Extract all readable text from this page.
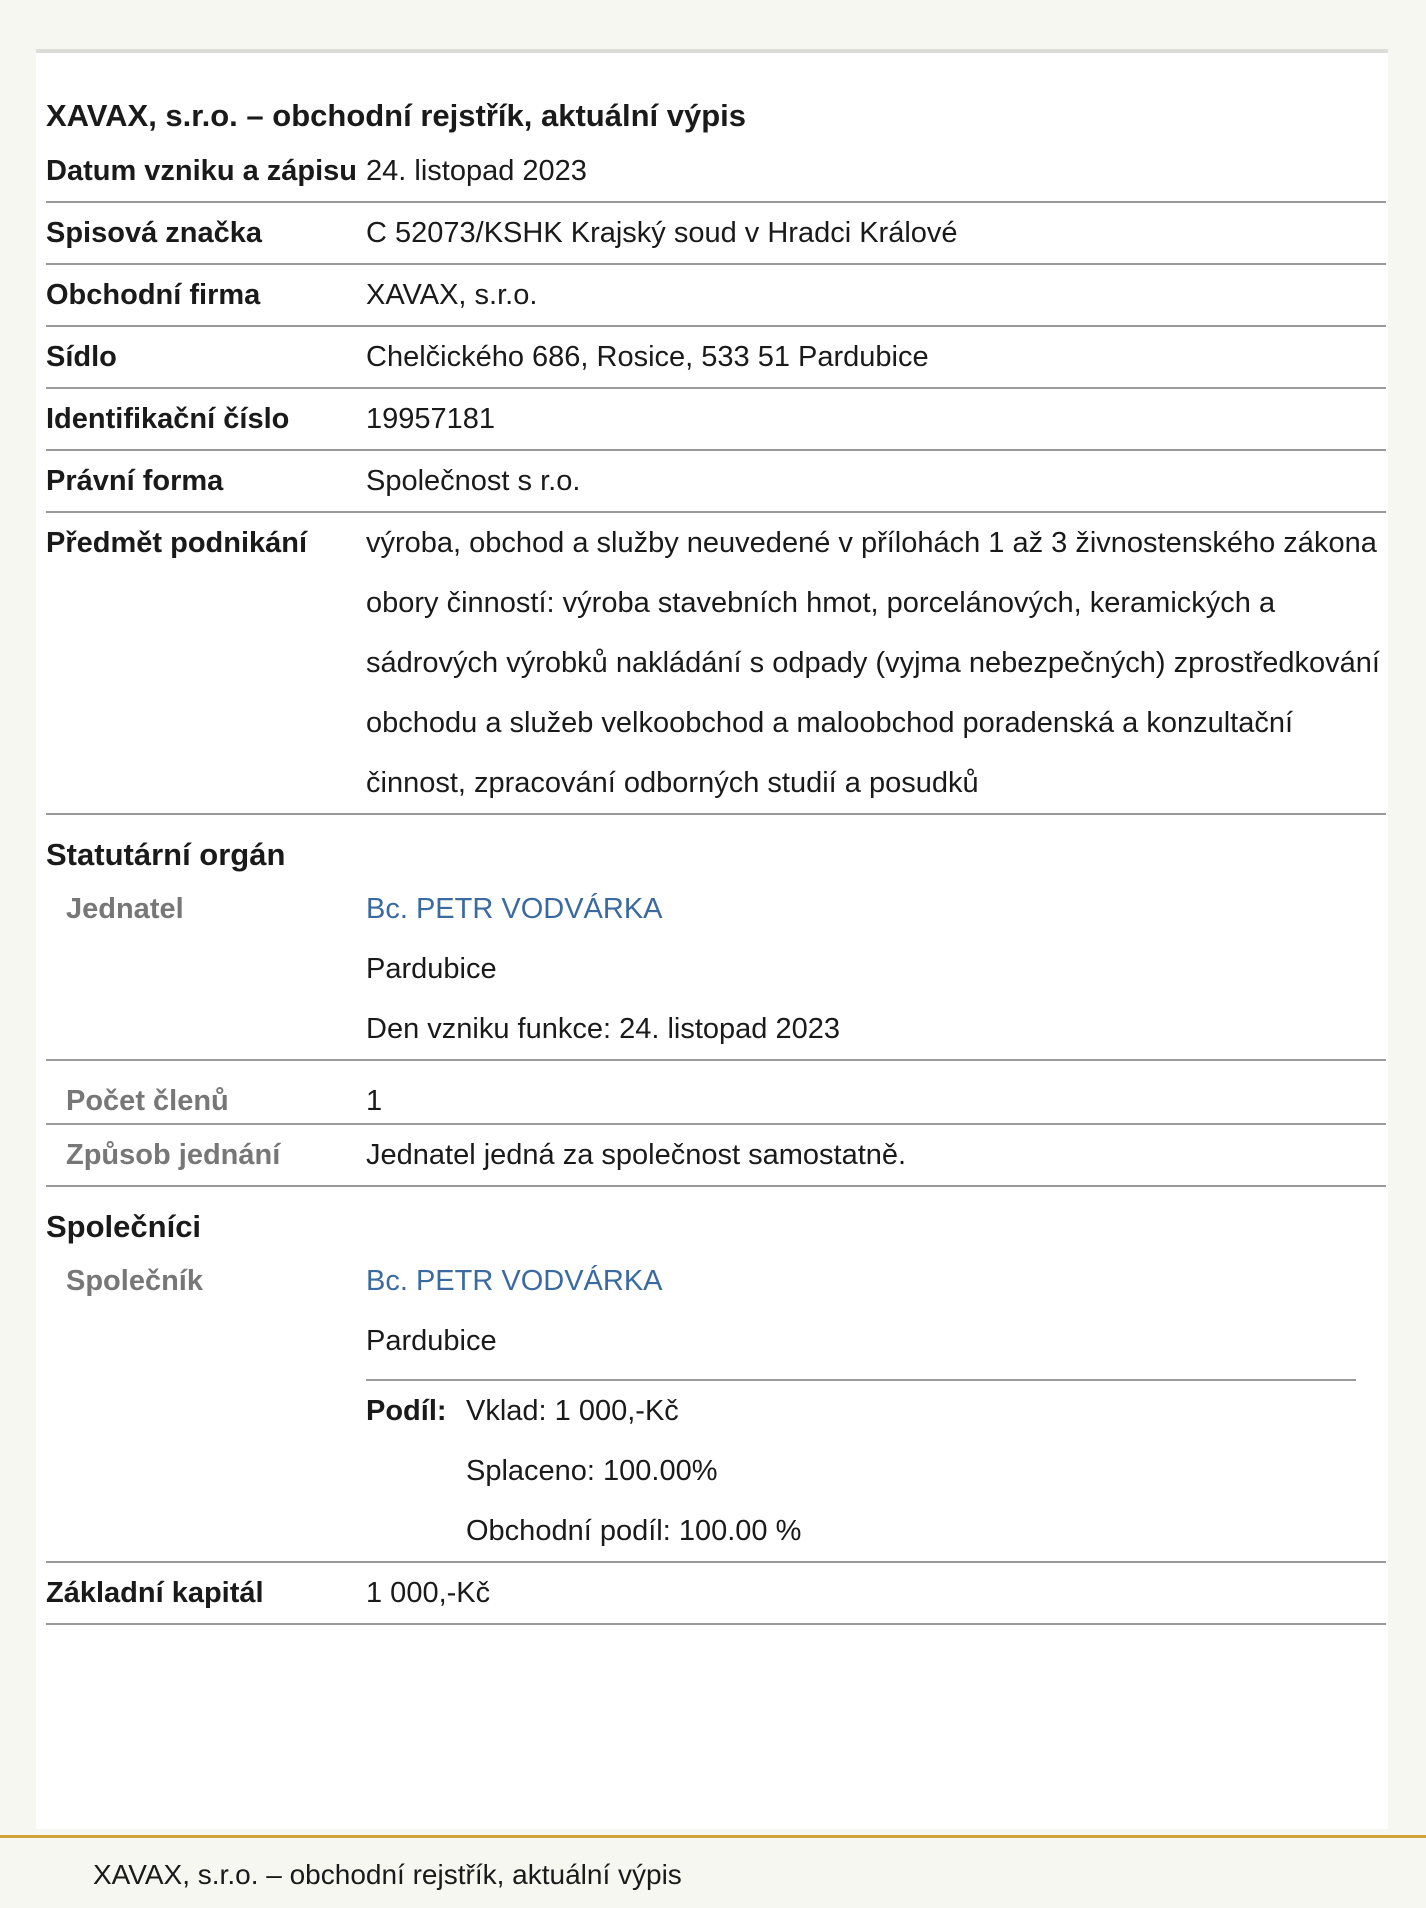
XAVAX, s.r.o. – obchodní rejstřík, aktuální výpis
Datum vzniku a zápisu 24. listopad 2023
Spisová značka	C 52073/KSHK Krajský soud v Hradci Králové
Obchodní firma	XAVAX, s.r.o.
Sídlo	Chelčického 686, Rosice, 533 51 Pardubice
Identifikační číslo	19957181
Právní forma	Společnost s r.o.
Předmět podnikání	výroba, obchod a služby neuvedené v přílohách 1 až 3 živnostenského zákona obory činností: výroba stavebních hmot, porcelánových, keramických a sádrových výrobků nakládání s odpady (vyjma nebezpečných) zprostředkování obchodu a služeb velkoobchod a maloobchod poradenská a konzultační činnost, zpracování odborných studií a posudků
Statutární orgán
Jednatel	Bc. PETR VODVÁRKA
Pardubice
Den vzniku funkce: 24. listopad 2023
Počet členů	1
Způsob jednání	Jednatel jedná za společnost samostatně.
Společníci
Společník	Bc. PETR VODVÁRKA
Pardubice
Podíl: Vklad: 1 000,-Kč
Splaceno: 100.00%
Obchodní podíl: 100.00 %
Základní kapitál	1 000,-Kč
XAVAX, s.r.o. – obchodní rejstřík, aktuální výpis
